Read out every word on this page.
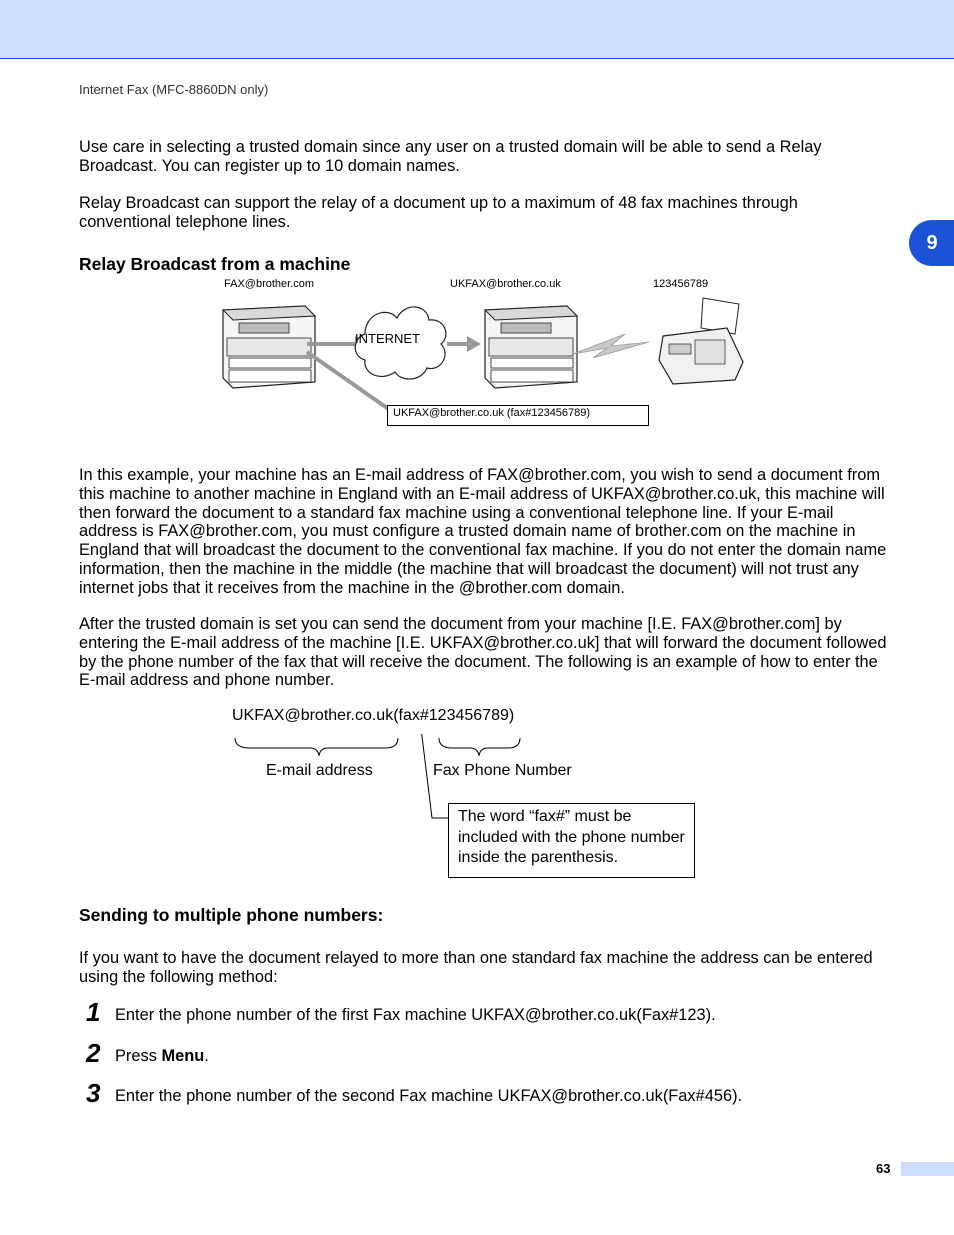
Internet Fax (MFC-8860DN only)
9
Use care in selecting a trusted domain since any user on a trusted domain will be able to send a Relay Broadcast. You can register up to 10 domain names.
Relay Broadcast can support the relay of a document up to a maximum of 48 fax machines through conventional telephone lines.
Relay Broadcast from a machine
FAX@brother.com	UKFAX@brother.co.uk	123456789
INTERNET
UKFAX@brother.co.uk (fax#123456789)
In this example, your machine has an E-mail address of FAX@brother.com, you wish to send a document from this machine to another machine in England with an E-mail address of UKFAX@brother.co.uk, this machine will then forward the document to a standard fax machine using a conventional telephone line. If your E-mail address is FAX@brother.com, you must configure a trusted domain name of brother.com on the machine in England that will broadcast the document to the conventional fax machine. If you do not enter the domain name information, then the machine in the middle (the machine that will broadcast the document) will not trust any internet jobs that it receives from the machine in the @brother.com domain.
After the trusted domain is set you can send the document from your machine [I.E. FAX@brother.com] by entering the E-mail address of the machine [I.E. UKFAX@brother.co.uk] that will forward the document followed by the phone number of the fax that will receive the document. The following is an example of how to enter the E-mail address and phone number.
UKFAX@brother.co.uk(fax#123456789)
E-mail address	Fax Phone Number
The word “fax#” must be included with the phone number inside the parenthesis.
Sending to multiple phone numbers:
If you want to have the document relayed to more than one standard fax machine the address can be entered using the following method:
1 Enter the phone number of the first Fax machine UKFAX@brother.co.uk(Fax#123).
2 Press Menu.
3 Enter the phone number of the second Fax machine UKFAX@brother.co.uk(Fax#456).
63
